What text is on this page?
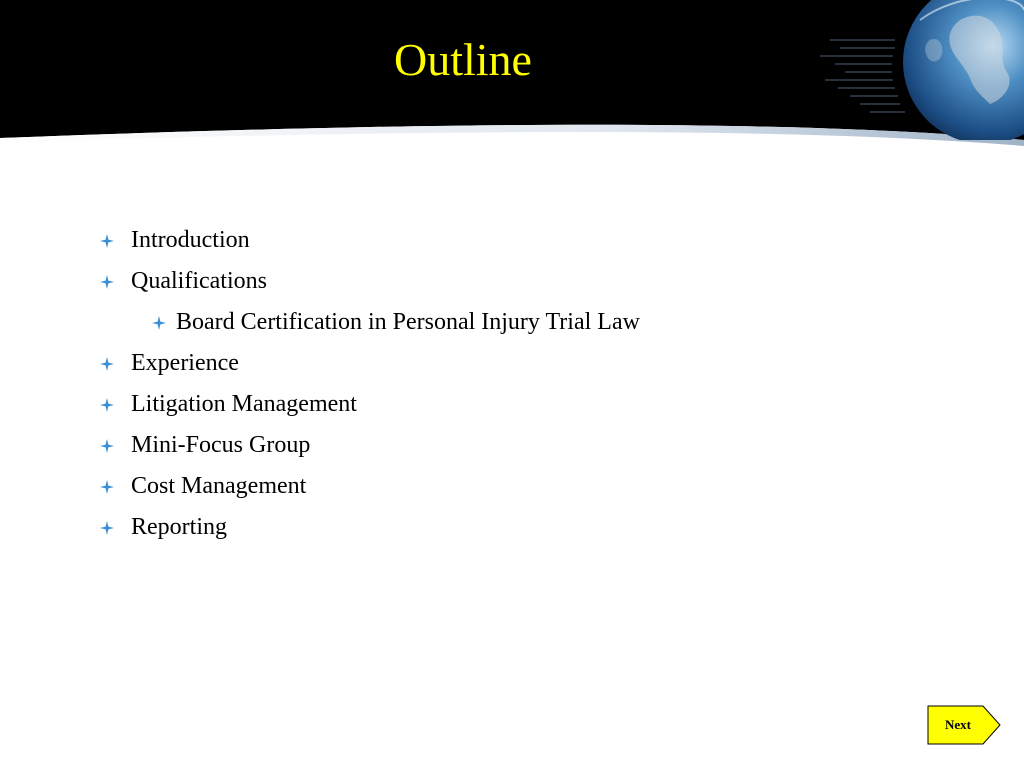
Outline
Introduction
Qualifications
Board Certification in Personal Injury Trial Law
Experience
Litigation Management
Mini-Focus Group
Cost Management
Reporting
Next
